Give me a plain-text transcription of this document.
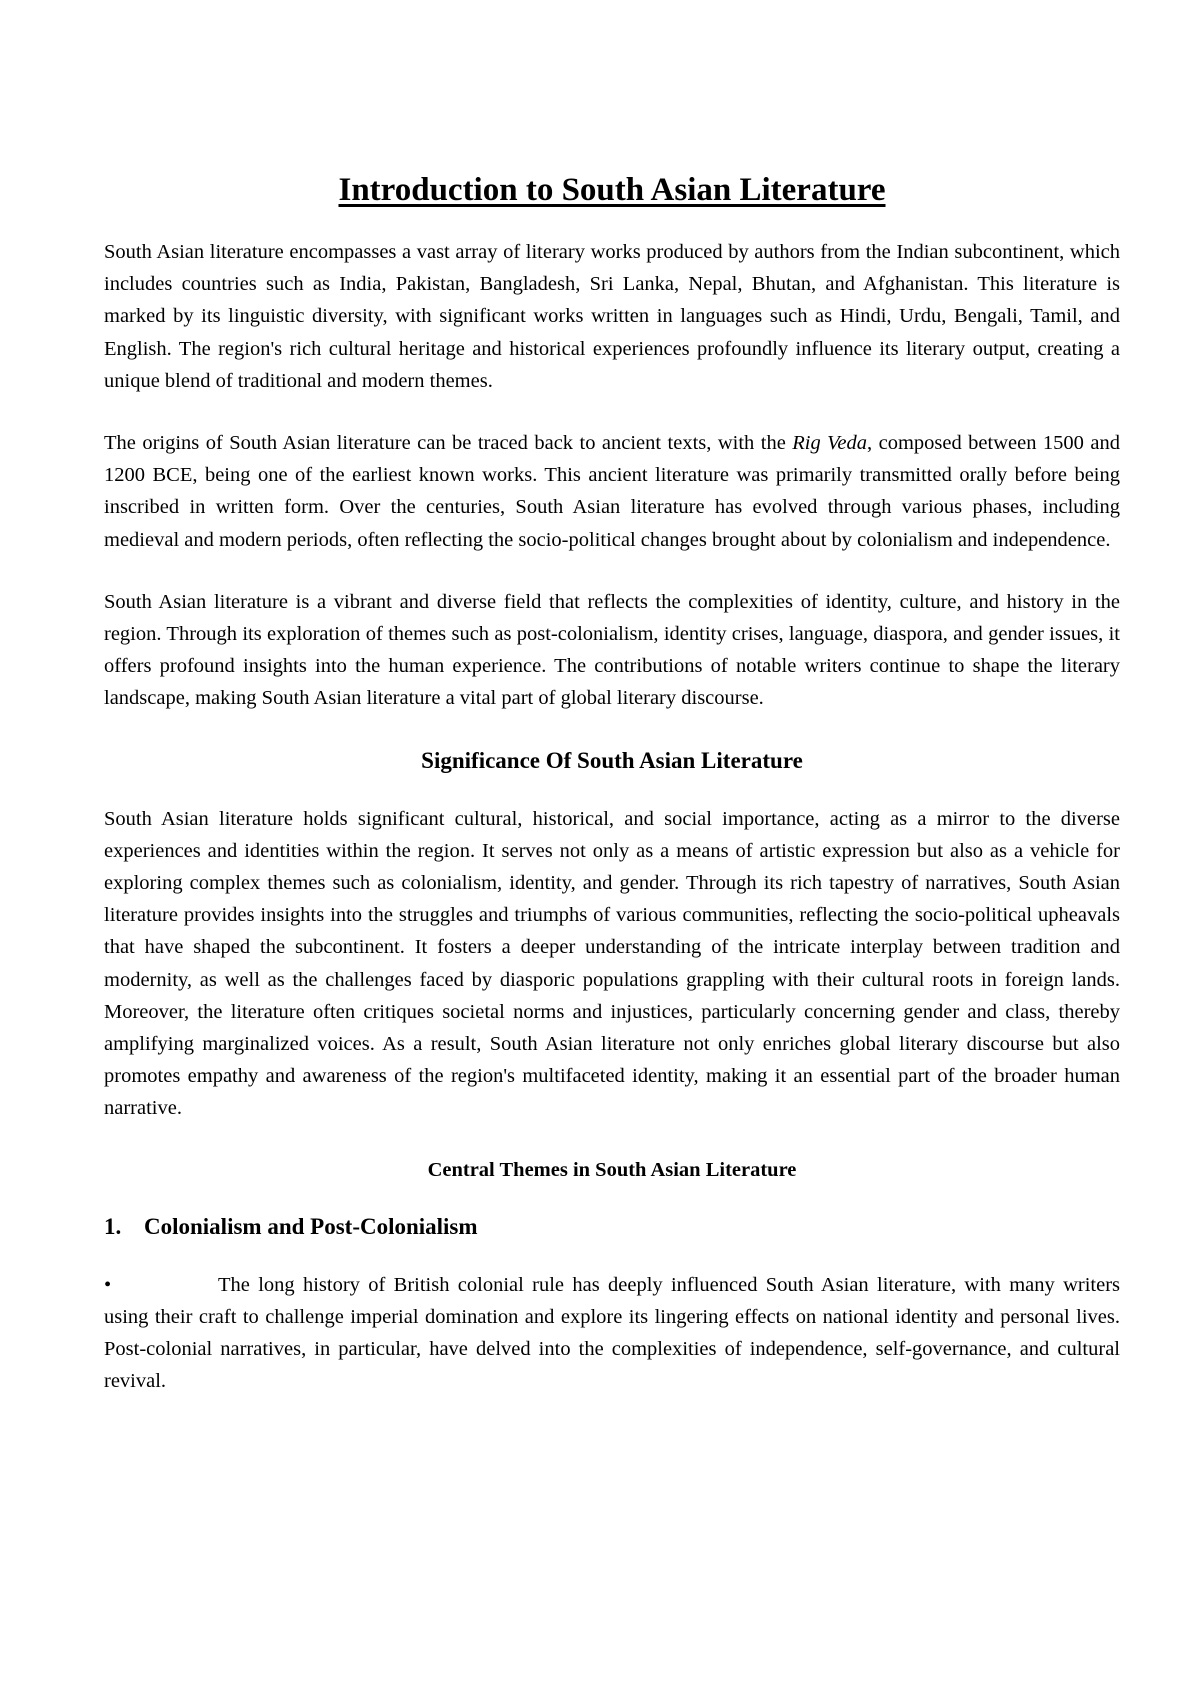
Introduction to South Asian Literature

South Asian literature encompasses a vast array of literary works produced by authors from the Indian subcontinent, which includes countries such as India, Pakistan, Bangladesh, Sri Lanka, Nepal, Bhutan, and Afghanistan. This literature is marked by its linguistic diversity, with significant works written in languages such as Hindi, Urdu, Bengali, Tamil, and English. The region's rich cultural heritage and historical experiences profoundly influence its literary output, creating a unique blend of traditional and modern themes.

The origins of South Asian literature can be traced back to ancient texts, with the Rig Veda, composed between 1500 and 1200 BCE, being one of the earliest known works. This ancient literature was primarily transmitted orally before being inscribed in written form. Over the centuries, South Asian literature has evolved through various phases, including medieval and modern periods, often reflecting the socio-political changes brought about by colonialism and independence.

South Asian literature is a vibrant and diverse field that reflects the complexities of identity, culture, and history in the region. Through its exploration of themes such as post-colonialism, identity crises, language, diaspora, and gender issues, it offers profound insights into the human experience. The contributions of notable writers continue to shape the literary landscape, making South Asian literature a vital part of global literary discourse.

Significance Of South Asian Literature

South Asian literature holds significant cultural, historical, and social importance, acting as a mirror to the diverse experiences and identities within the region. It serves not only as a means of artistic expression but also as a vehicle for exploring complex themes such as colonialism, identity, and gender. Through its rich tapestry of narratives, South Asian literature provides insights into the struggles and triumphs of various communities, reflecting the socio-political upheavals that have shaped the subcontinent. It fosters a deeper understanding of the intricate interplay between tradition and modernity, as well as the challenges faced by diasporic populations grappling with their cultural roots in foreign lands. Moreover, the literature often critiques societal norms and injustices, particularly concerning gender and class, thereby amplifying marginalized voices. As a result, South Asian literature not only enriches global literary discourse but also promotes empathy and awareness of the region's multifaceted identity, making it an essential part of the broader human narrative.

Central Themes in South Asian Literature
1. Colonialism and Post-Colonialism

•	The long history of British colonial rule has deeply influenced South Asian literature, with many writers using their craft to challenge imperial domination and explore its lingering effects on national identity and personal lives. Post-colonial narratives, in particular, have delved into the complexities of independence, self-governance, and cultural revival.
